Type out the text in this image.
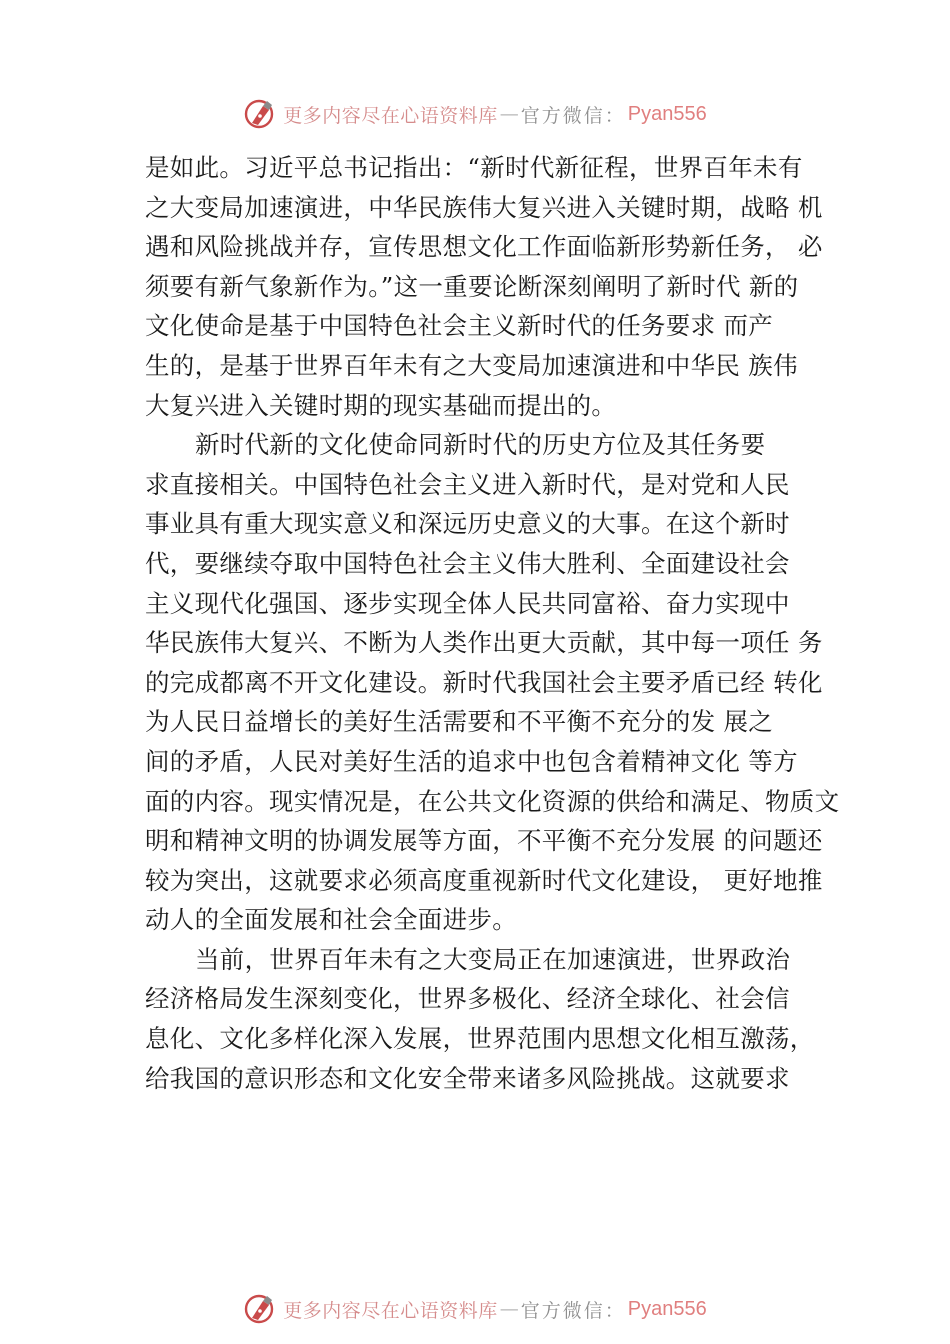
更多内容尽在心语资料库 — 官方微信： Pyan556
是如此。习近平总书记指出：“新时代新征程，世界百年未有
之大变局加速演进，中华民族伟大复兴进入关键时期，战略 机
遇和风险挑战并存，宣传思想文化工作面临新形势新任务， 必
须要有新气象新作为。”这一重要论断深刻阐明了新时代 新的
文化使命是基于中国特色社会主义新时代的任务要求 而产
生的，是基于世界百年未有之大变局加速演进和中华民 族伟
大复兴进入关键时期的现实基础而提出的。
新时代新的文化使命同新时代的历史方位及其任务要
求直接相关。中国特色社会主义进入新时代，是对党和人民
事业具有重大现实意义和深远历史意义的大事。在这个新时
代，要继续夺取中国特色社会主义伟大胜利、全面建设社会
主义现代化强国、逐步实现全体人民共同富裕、奋力实现中
华民族伟大复兴、不断为人类作出更大贡献，其中每一项任 务
的完成都离不开文化建设。新时代我国社会主要矛盾已经 转化
为人民日益增长的美好生活需要和不平衡不充分的发 展之
间的矛盾，人民对美好生活的追求中也包含着精神文化 等方
面的内容。现实情况是，在公共文化资源的供给和满足、物质文
明和精神文明的协调发展等方面，不平衡不充分发展 的问题还
较为突出，这就要求必须高度重视新时代文化建设， 更好地推
动人的全面发展和社会全面进步。
当前，世界百年未有之大变局正在加速演进，世界政治
经济格局发生深刻变化，世界多极化、经济全球化、社会信
息化、文化多样化深入发展，世界范围内思想文化相互激荡，
给我国的意识形态和文化安全带来诸多风险挑战。这就要求
更多内容尽在心语资料库 — 官方微信： Pyan556
